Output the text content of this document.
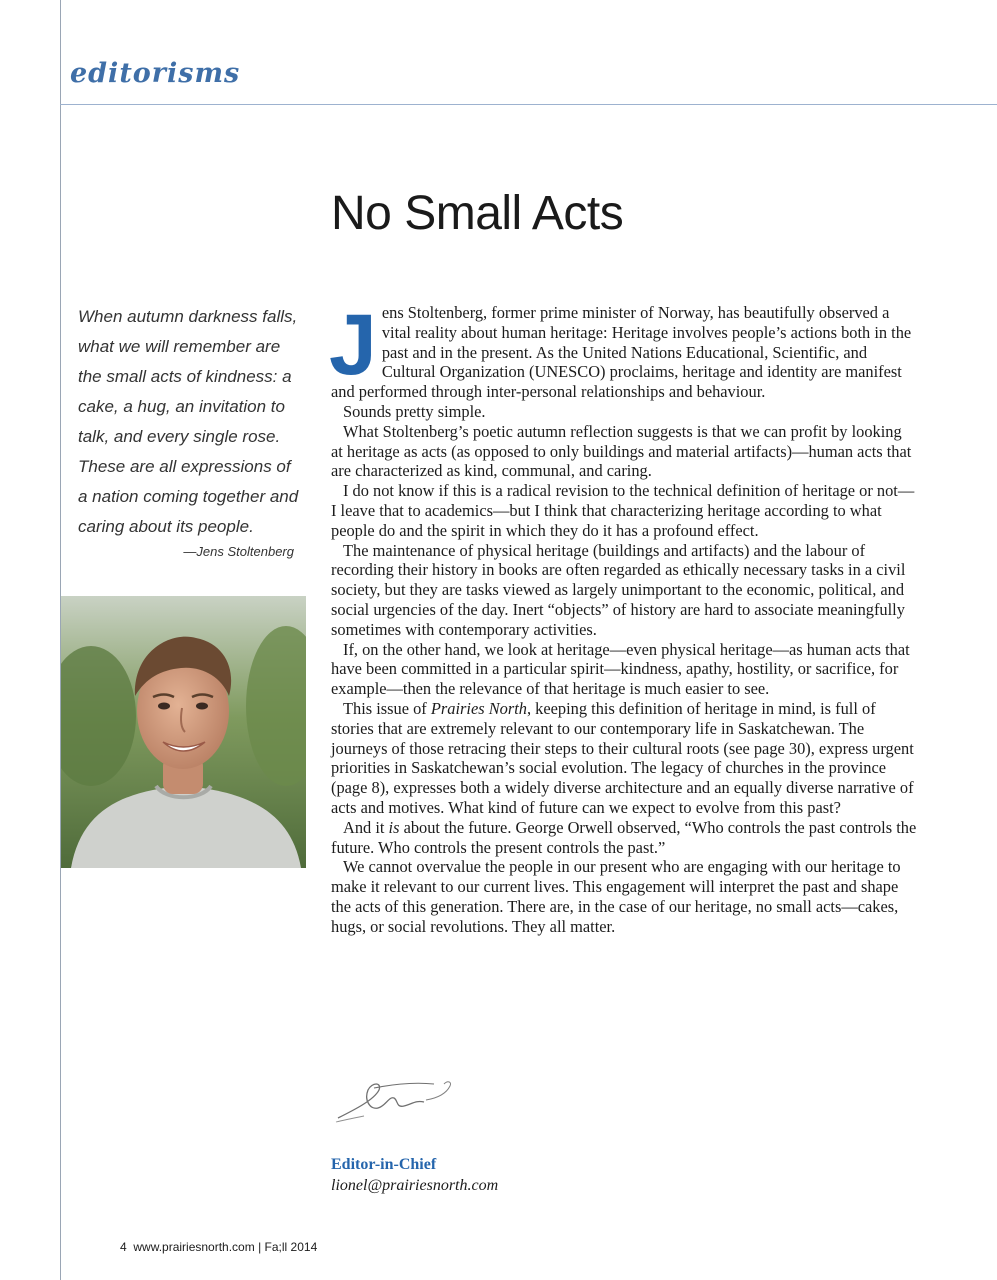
editorisms
No Small Acts

When autumn darkness falls, what we will remember are the small acts of kindness: a cake, a hug, an invitation to talk, and every single rose. These are all expressions of a nation coming together and caring about its people.

—Jens Stoltenberg

Jens Stoltenberg, former prime minister of Norway, has beautifully observed a vital reality about human heritage: Heritage involves people’s actions both in the past and in the present. As the United Nations Educational, Scientific, and Cultural Organization (UNESCO) proclaims, heritage and identity are manifest and performed through inter-personal relationships and behaviour.

Sounds pretty simple.

What Stoltenberg’s poetic autumn reflection suggests is that we can profit by looking at heritage as acts (as opposed to only buildings and material artifacts)—human acts that are characterized as kind, communal, and caring.

I do not know if this is a radical revision to the technical definition of heritage or not—I leave that to academics—but I think that characterizing heritage according to what people do and the spirit in which they do it has a profound effect.

The maintenance of physical heritage (buildings and artifacts) and the labour of recording their history in books are often regarded as ethically necessary tasks in a civil society, but they are tasks viewed as largely unimportant to the economic, political, and social urgencies of the day. Inert “objects” of history are hard to associate meaningfully sometimes with contemporary activities.

If, on the other hand, we look at heritage—even physical heritage—as human acts that have been committed in a particular spirit—kindness, apathy, hostility, or sacrifice, for example—then the relevance of that heritage is much easier to see.

This issue of Prairies North, keeping this definition of heritage in mind, is full of stories that are extremely relevant to our contemporary life in Saskatchewan. The journeys of those retracing their steps to their cultural roots (see page 30), express urgent priorities in Saskatchewan’s social evolution. The legacy of churches in the province (page 8), expresses both a widely diverse architecture and an equally diverse narrative of acts and motives. What kind of future can we expect to evolve from this past?

And it is about the future. George Orwell observed, “Who controls the past controls the future. Who controls the present controls the past.”

We cannot overvalue the people in our present who are engaging with our heritage to make it relevant to our current lives. This engagement will interpret the past and shape the acts of this generation. There are, in the case of our heritage, no small acts—cakes, hugs, or social revolutions. They all matter.

Editor-in-Chief

lionel@prairiesnorth.com

4 www.prairiesnorth.com | Fa;ll 2014
